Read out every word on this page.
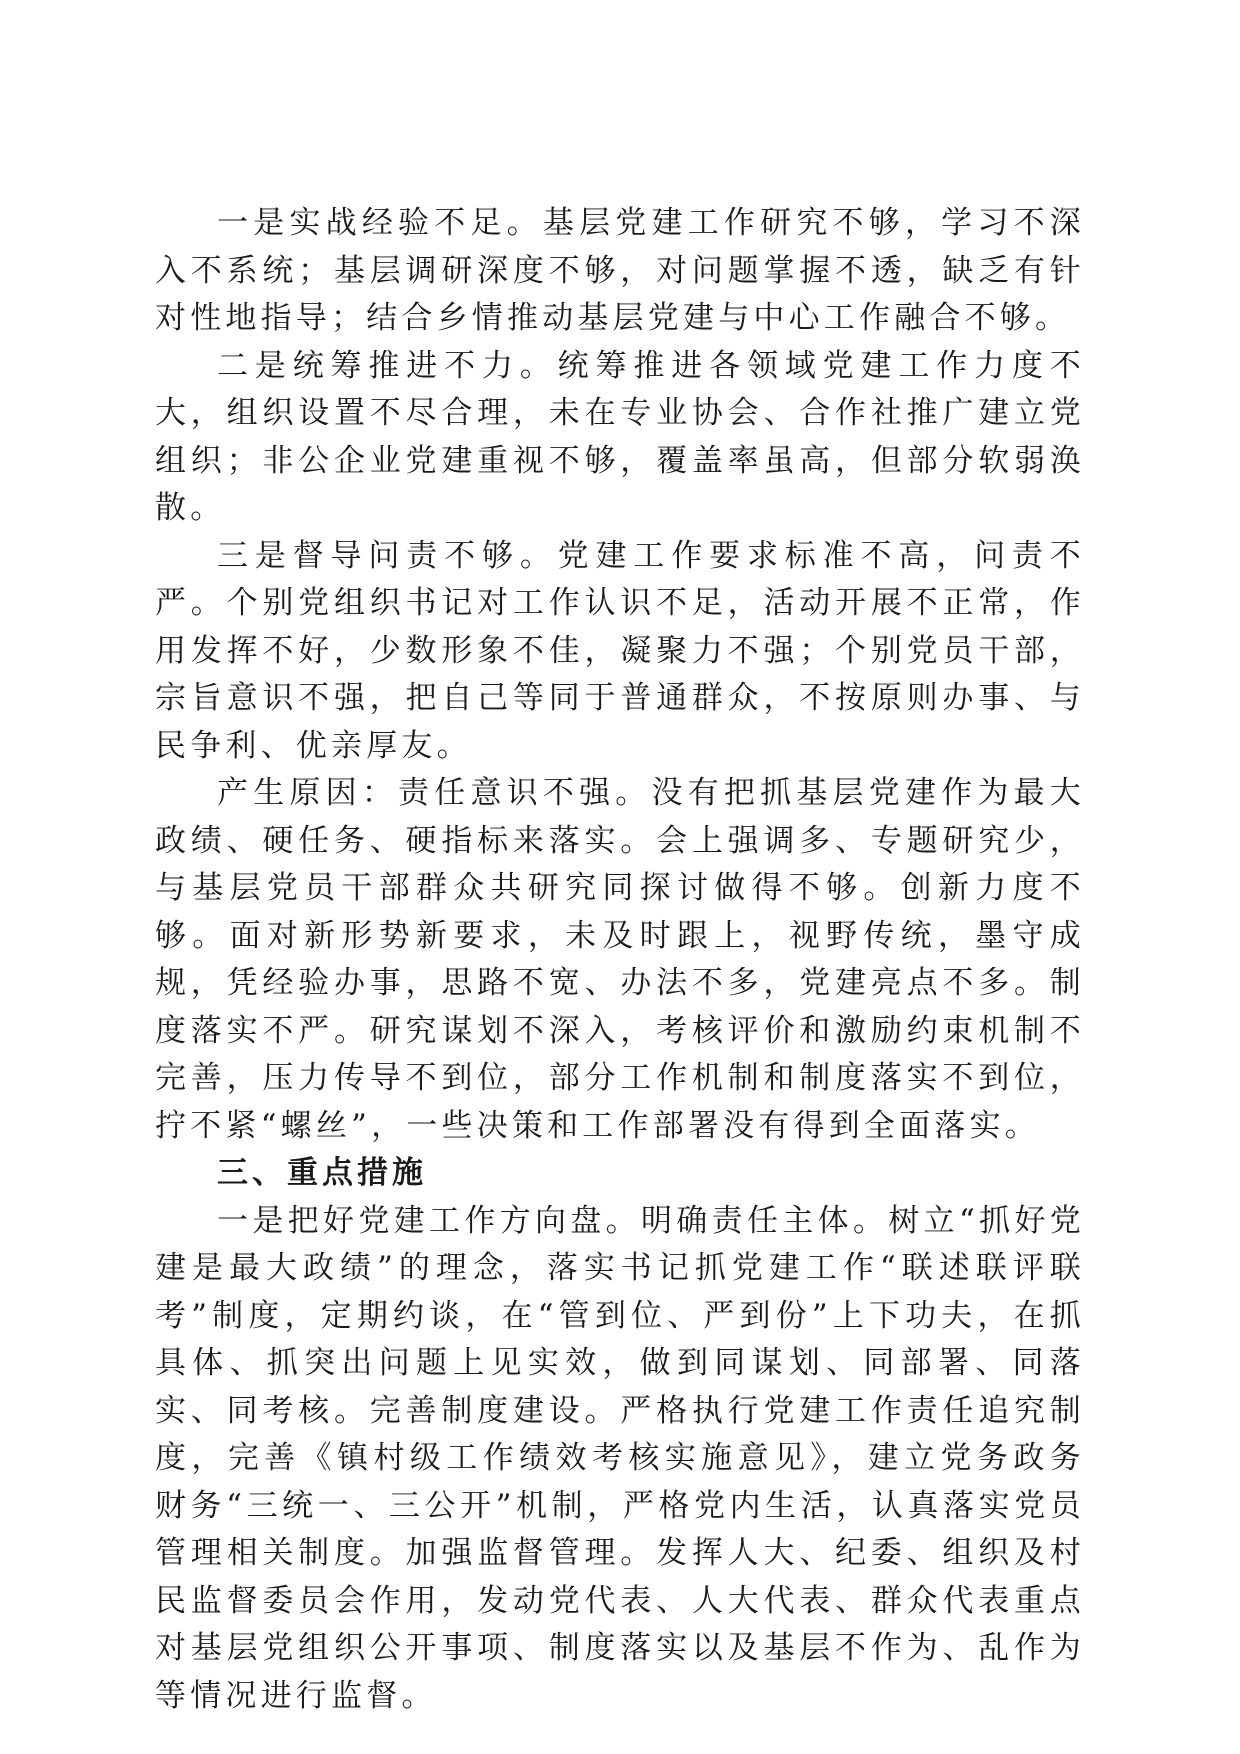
一是实战经验不足。基层党建工作研究不够，学习不深入不系统；基层调研深度不够，对问题掌握不透，缺乏有针对性地指导；结合乡情推动基层党建与中心工作融合不够。

二是统筹推进不力。统筹推进各领域党建工作力度不大，组织设置不尽合理，未在专业协会、合作社推广建立党组织；非公企业党建重视不够，覆盖率虽高，但部分软弱涣散。

三是督导问责不够。党建工作要求标准不高，问责不严。个别党组织书记对工作认识不足，活动开展不正常，作用发挥不好，少数形象不佳，凝聚力不强；个别党员干部，宗旨意识不强，把自己等同于普通群众，不按原则办事、与民争利、优亲厚友。

产生原因：责任意识不强。没有把抓基层党建作为最大政绩、硬任务、硬指标来落实。会上强调多、专题研究少，与基层党员干部群众共研究同探讨做得不够。创新力度不够。面对新形势新要求，未及时跟上，视野传统，墨守成规，凭经验办事，思路不宽、办法不多，党建亮点不多。制度落实不严。研究谋划不深入，考核评价和激励约束机制不完善，压力传导不到位，部分工作机制和制度落实不到位，拧不紧“螺丝”，一些决策和工作部署没有得到全面落实。

三、重点措施

一是把好党建工作方向盘。明确责任主体。树立“抓好党建是最大政绩”的理念，落实书记抓党建工作“联述联评联考”制度，定期约谈，在“管到位、严到份”上下功夫，在抓具体、抓突出问题上见实效，做到同谋划、同部署、同落实、同考核。完善制度建设。严格执行党建工作责任追究制度，完善《镇村级工作绩效考核实施意见》，建立党务政务财务“三统一、三公开”机制，严格党内生活，认真落实党员管理相关制度。加强监督管理。发挥人大、纪委、组织及村民监督委员会作用，发动党代表、人大代表、群众代表重点对基层党组织公开事项、制度落实以及基层不作为、乱作为等情况进行监督。
